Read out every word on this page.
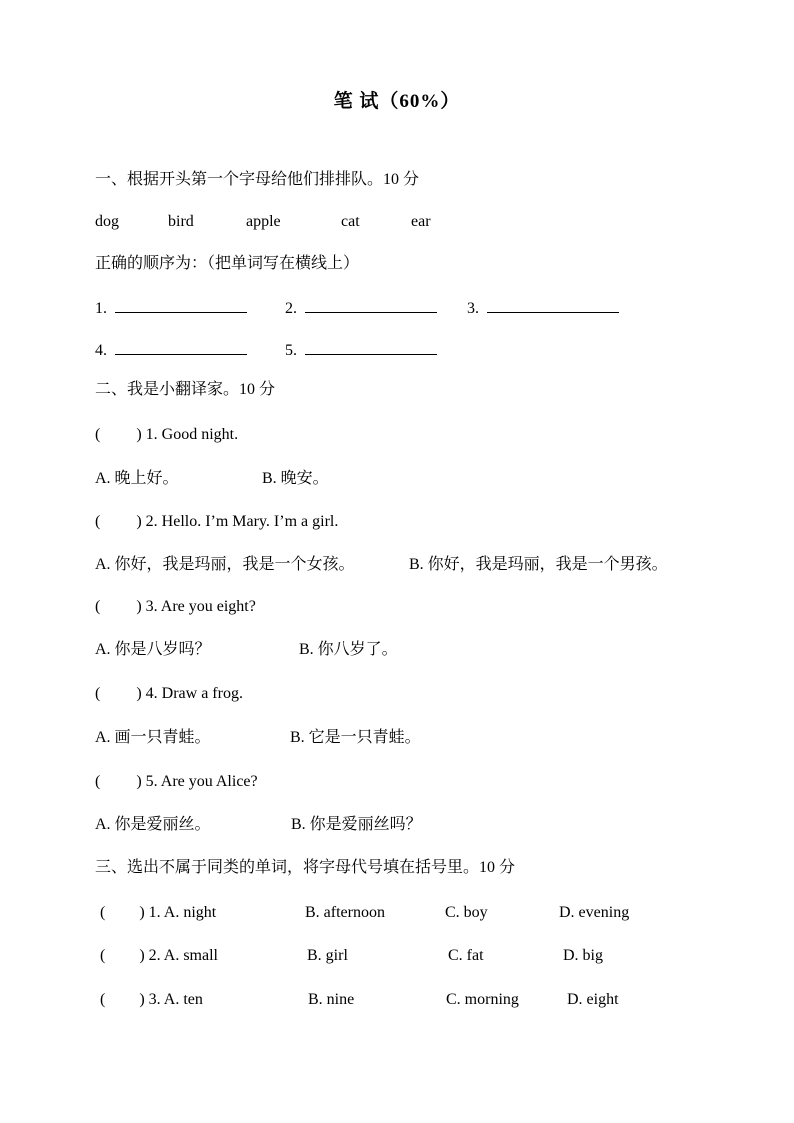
笔 试（60%）
一、根据开头第一个字母给他们排排队。10 分
dog	bird	apple	cat	ear
正确的顺序为：（把单词写在横线上）
1.	2.	3.
4.	5.
二、我是小翻译家。10 分
( ) 1. Good night.
A. 晚上好。	B. 晚安。
( ) 2. Hello. I’m Mary. I’m a girl.
A. 你好，我是玛丽，我是一个女孩。	B. 你好，我是玛丽，我是一个男孩。
( ) 3. Are you eight?
A. 你是八岁吗？	B. 你八岁了。
( ) 4. Draw a frog.
A. 画一只青蛙。	B. 它是一只青蛙。
( ) 5. Are you Alice?
A. 你是爱丽丝。	B. 你是爱丽丝吗？
三、选出不属于同类的单词，将字母代号填在括号里。10 分
( ) 1. A. night	B. afternoon	C. boy	D. evening
( ) 2. A. small	B. girl	C. fat	D. big
( ) 3. A. ten	B. nine	C. morning	D. eight
